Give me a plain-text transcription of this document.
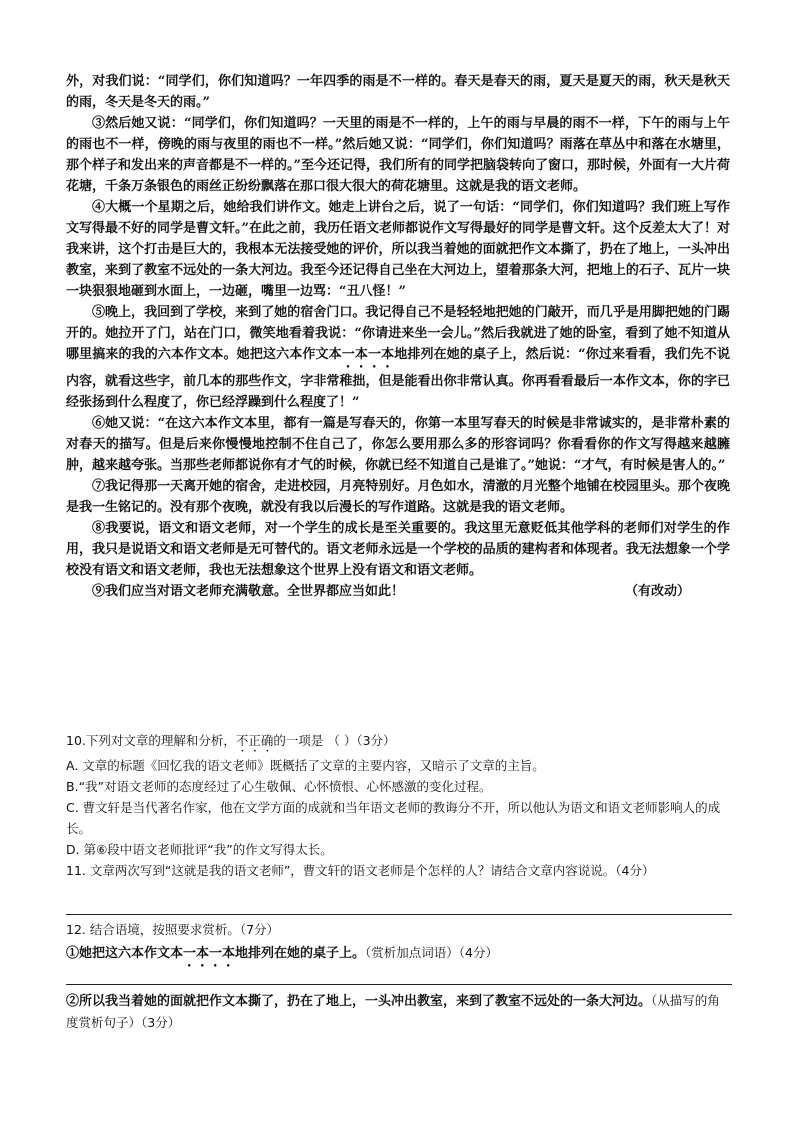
外，对我们说：“同学们，你们知道吗？一年四季的雨是不一样的。春天是春天的雨，夏天是夏天的雨，秋天是秋天的雨，冬天是冬天的雨。”

③然后她又说：“同学们，你们知道吗？一天里的雨是不一样的，上午的雨与早晨的雨不一样，下午的雨与上午的雨也不一样，傍晚的雨与夜里的雨也不一样。”然后她又说：“同学们，你们知道吗？雨落在草丛中和落在水塘里，那个样子和发出来的声音都是不一样的。”至今还记得，我们所有的同学把脑袋转向了窗口，那时候，外面有一大片荷花塘，千条万条银色的雨丝正纷纷飘落在那口很大很大的荷花塘里。这就是我的语文老师。

④大概一个星期之后，她给我们讲作文。她走上讲台之后，说了一句话：“同学们，你们知道吗？我们班上写作文写得最不好的同学是曹文轩。”在此之前，我历任语文老师都说作文写得最好的同学是曹文轩。这个反差太大了！对我来讲，这个打击是巨大的，我根本无法接受她的评价，所以我当着她的面就把作文本撕了，扔在了地上，一头冲出教室，来到了教室不远处的一条大河边。我至今还记得自己坐在大河边上，望着那条大河，把地上的石子、瓦片一块一块狠狠地砸到水面上，一边砸，嘴里一边骂：“丑八怪！”

⑤晚上，我回到了学校，来到了她的宿舍门口。我记得自己不是轻轻地把她的门敲开，而几乎是用脚把她的门踢开的。她拉开了门，站在门口，微笑地看着我说：“你请进来坐一会儿。”然后我就进了她的卧室，看到了她不知道从哪里搞来的我的六本作文本。她把这六本作文本一本一本地排列在她的桌子上，然后说：“你过来看看，我们先不说内容，就看这些字，前几本的那些作文，字非常稚拙，但是能看出你非常认真。你再看看最后一本作文本，你的字已经张扬到什么程度了，你已经浮躁到什么程度了！”

⑥她又说：“在这六本作文本里，都有一篇是写春天的，你第一本里写春天的时候是非常诚实的，是非常朴素的对春天的描写。但是后来你慢慢地控制不住自己了，你怎么要用那么多的形容词吗？你看看你的作文写得越来越臃肿，越来越夸张。当那些老师都说你有才气的时候，你就已经不知道自己是谁了。”她说：“才气，有时候是害人的。”

⑦我记得那一天离开她的宿舍，走进校园，月亮特别好。月色如水，清澈的月光整个地铺在校园里头。那个夜晚是我一生铭记的。没有那个夜晚，就没有我以后漫长的写作道路。这就是我的语文老师。

⑧我要说，语文和语文老师，对一个学生的成长是至关重要的。我这里无意贬低其他学科的老师们对学生的作用，我只是说语文和语文老师是无可替代的。语文老师永远是一个学校的品质的建构者和体现者。我无法想象一个学校没有语文和语文老师，我也无法想象这个世界上没有语文和语文老师。

⑨我们应当对语文老师充满敬意。全世界都应当如此！	（有改动）

10.下列对文章的理解和分析，不正确的一项是 （ ）（3分）

A. 文章的标题《回忆我的语文老师》既概括了文章的主要内容，又暗示了文章的主旨。

B.“我”对语文老师的态度经过了心生敬佩、心怀愤恨、心怀感激的变化过程。

C. 曹文轩是当代著名作家，他在文学方面的成就和当年语文老师的教诲分不开，所以他认为语文和语文老师影响人的成长。

D. 第⑥段中语文老师批评“我”的作文写得太长。

11. 文章两次写到“这就是我的语文老师”，曹文轩的语文老师是个怎样的人？请结合文章内容说说。（4分）

12. 结合语境，按照要求赏析。（7分）

①她把这六本作文本一本一本地排列在她的桌子上。（赏析加点词语）（4分）

②所以我当着她的面就把作文本撕了，扔在了地上，一头冲出教室，来到了教室不远处的一条大河边。（从描写的角度赏析句子）（3分）
